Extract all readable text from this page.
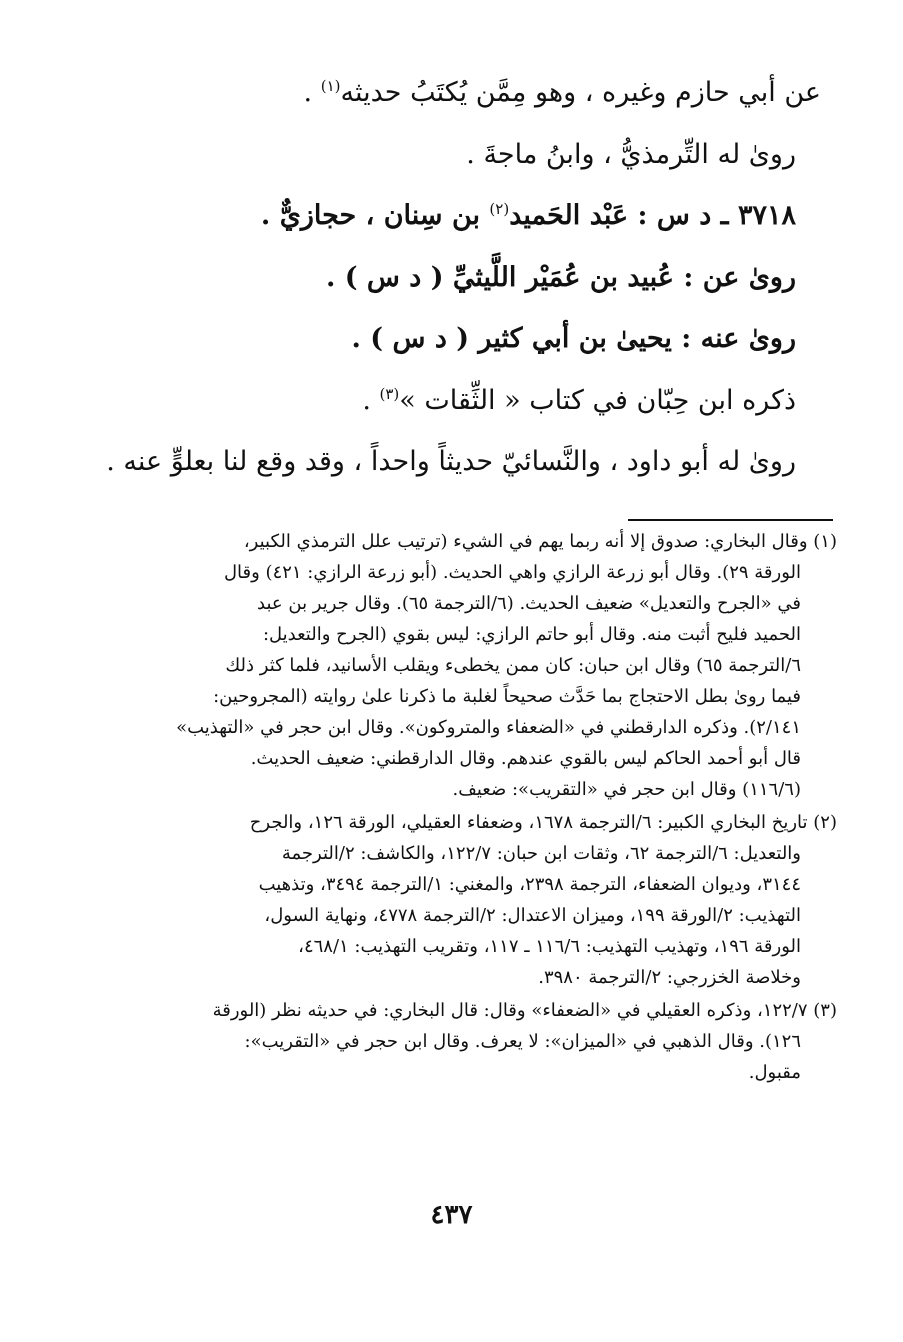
عن أبي حازم وغيره ، وهو مِمَّن يُكتَبُ حديثه$^{(١)}$ .
روىٰ له التِّرمذيُّ ، وابنُ ماجةَ .
٣٧١٨ ـ د س : عَبْد الحَميد$^{(٢)}$ بن سِنان ، حجازيٌّ .
روىٰ عن : عُبيد بن عُمَيْر اللَّيثيِّ ( د س ) .
روىٰ عنه : يحيىٰ بن أبي كثير ( د س ) .
ذكره ابن حِبّان في كتاب « الثِّقات »$^{(٣)}$ .
روىٰ له أبو داود ، والنَّسائيّ حديثاً واحداً ، وقد وقع لنا بعلوٍّ عنه .
(١) وقال البخاري: صدوق إلا أنه ربما يهم في الشيء (ترتيب علل الترمذي الكبير،
الورقة ٢٩). وقال أبو زرعة الرازي واهي الحديث. (أبو زرعة الرازي: ٤٢١) وقال
في «الجرح والتعديل» ضعيف الحديث. (٦/الترجمة ٦٥). وقال جرير بن عبد
الحميد فليح أثبت منه. وقال أبو حاتم الرازي: ليس بقوي (الجرح والتعديل:
٦/الترجمة ٦٥) وقال ابن حبان: كان ممن يخطىء ويقلب الأسانيد، فلما كثر ذلك
فيما روىٰ بطل الاحتجاج بما حَدَّث صحيحاً لغلبة ما ذكرنا علىٰ روايته (المجروحين:
٢/١٤١). وذكره الدارقطني في «الضعفاء والمتروكون». وقال ابن حجر في «التهذيب»
قال أبو أحمد الحاكم ليس بالقوي عندهم. وقال الدارقطني: ضعيف الحديث.
(١١٦/٦) وقال ابن حجر في «التقريب»: ضعيف.
(٢) تاريخ البخاري الكبير: ٦/الترجمة ١٦٧٨، وضعفاء العقيلي، الورقة ١٢٦، والجرح
والتعديل: ٦/الترجمة ٦٢، وثقات ابن حبان: ١٢٢/٧، والكاشف: ٢/الترجمة
٣١٤٤، وديوان الضعفاء، الترجمة ٢٣٩٨، والمغني: ١/الترجمة ٣٤٩٤، وتذهيب
التهذيب: ٢/الورقة ١٩٩، وميزان الاعتدال: ٢/الترجمة ٤٧٧٨، ونهاية السول،
الورقة ١٩٦، وتهذيب التهذيب: ١١٦/٦ ـ ١١٧، وتقريب التهذيب: ٤٦٨/١،
وخلاصة الخزرجي: ٢/الترجمة ٣٩٨٠.
(٣) ١٢٢/٧، وذكره العقيلي في «الضعفاء» وقال: قال البخاري: في حديثه نظر (الورقة
١٢٦). وقال الذهبي في «الميزان»: لا يعرف. وقال ابن حجر في «التقريب»:
مقبول.
٤٣٧
